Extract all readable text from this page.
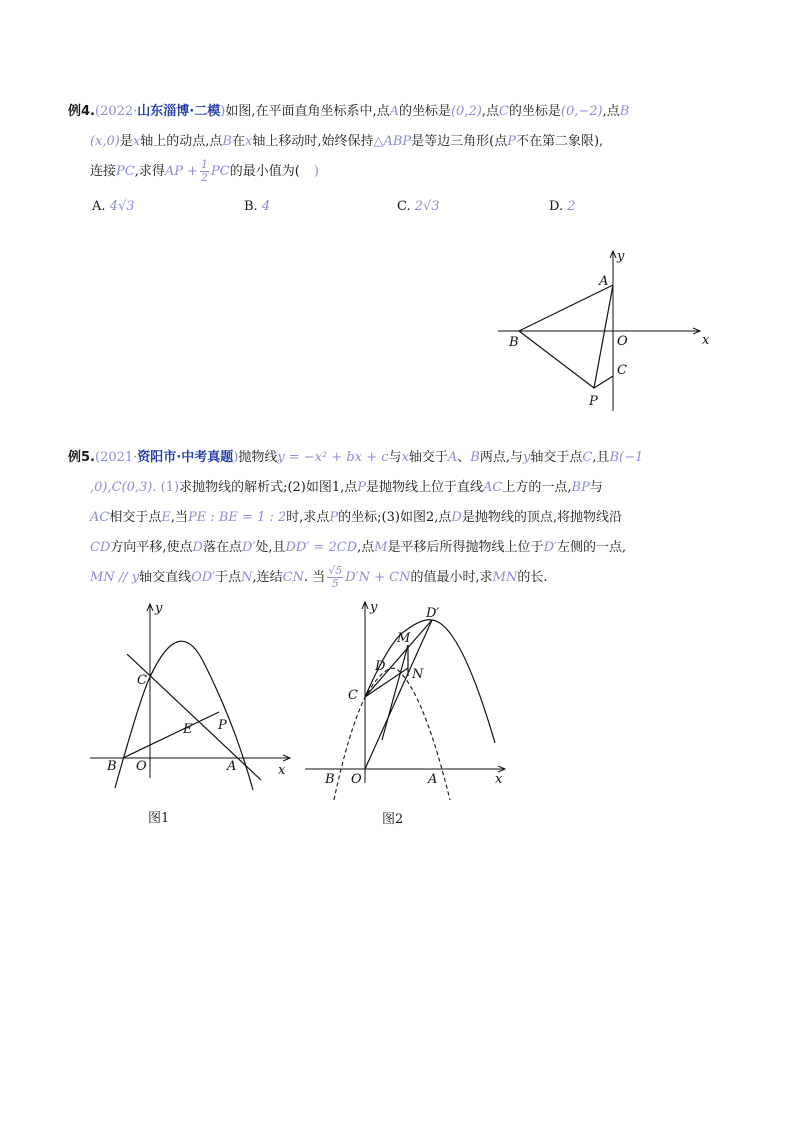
例4.(2022·山东淄博·二模)如图,在平面直角坐标系中,点A的坐标是(0,2),点C的坐标是(0,−2),点B
(x,0)是x轴上的动点,点B在x轴上移动时,始终保持△ABP是等边三角形(点P不在第二象限),
连接PC,求得AP + $\frac{1}{2}$ PC的最小值为( )
A. 4√3	B. 4	C. 2√3	D. 2
y
x
A
B	O
C
P
例5.(2021·资阳市·中考真题)抛物线y = −x² + bx + c与x轴交于A、B两点,与y轴交于点C,且B(−1
,0),C(0,3). (1)求抛物线的解析式;(2)如图1,点P是抛物线上位于直线AC上方的一点,BP与
AC相交于点E,当PE : BE = 1 : 2时,求点P的坐标;(3)如图2,点D是抛物线的顶点,将抛物线沿
CD方向平移,使点D落在点D′处,且DD′ = 2CD,点M是平移后所得抛物线上位于D′左侧的一点,
MN // y轴交直线OD′于点N,连结CN. 当 $\frac{√5}{5} D'N$ + CN的值最小时,求MN的长.
y
x
C
P
E
B O	A
图1
y
x
D′
M
D
N
C
B O	A
图2
